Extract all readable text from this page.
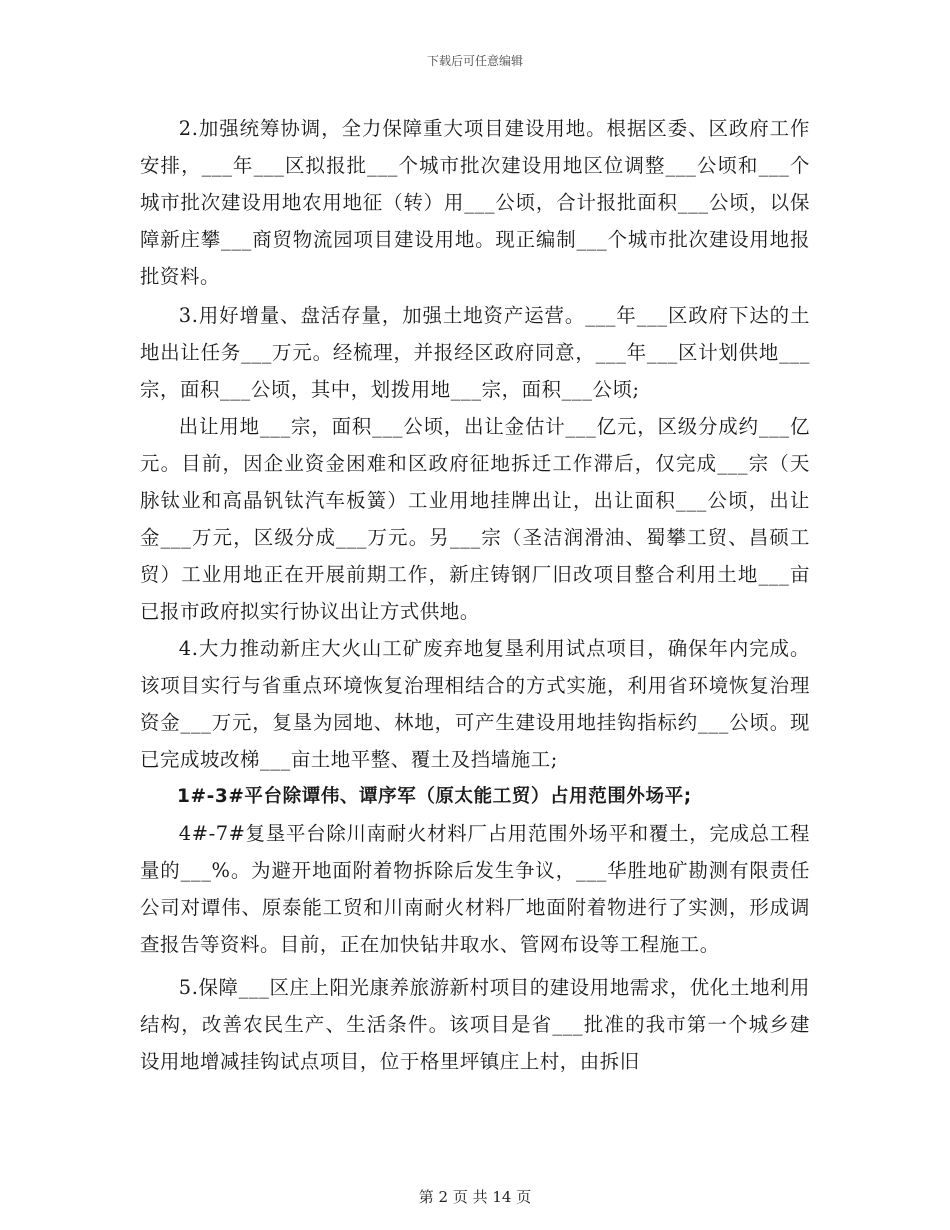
下载后可任意编辑

2.加强统筹协调，全力保障重大项目建设用地。根据区委、区政府工作安排，___年___区拟报批___个城市批次建设用地区位调整___公顷和___个城市批次建设用地农用地征（转）用___公顷，合计报批面积___公顷，以保障新庄攀___商贸物流园项目建设用地。现正编制___个城市批次建设用地报批资料。

3.用好增量、盘活存量，加强土地资产运营。___年___区政府下达的土地出让任务___万元。经梳理，并报经区政府同意，___年___区计划供地___宗，面积___公顷，其中，划拨用地___宗，面积___公顷;

出让用地___宗，面积___公顷，出让金估计___亿元，区级分成约___亿元。目前，因企业资金困难和区政府征地拆迁工作滞后，仅完成___宗（天脉钛业和高晶钒钛汽车板簧）工业用地挂牌出让，出让面积___公顷，出让金___万元，区级分成___万元。另___宗（圣洁润滑油、蜀攀工贸、昌硕工贸）工业用地正在开展前期工作，新庄铸钢厂旧改项目整合利用土地___亩已报市政府拟实行协议出让方式供地。

4.大力推动新庄大火山工矿废弃地复垦利用试点项目，确保年内完成。该项目实行与省重点环境恢复治理相结合的方式实施，利用省环境恢复治理资金___万元，复垦为园地、林地，可产生建设用地挂钩指标约___公顷。现已完成坡改梯___亩土地平整、覆土及挡墙施工;

1#-3#平台除谭伟、谭序军（原太能工贸）占用范围外场平;

4#-7#复垦平台除川南耐火材料厂占用范围外场平和覆土，完成总工程量的___%。为避开地面附着物拆除后发生争议，___华胜地矿勘测有限责任公司对谭伟、原泰能工贸和川南耐火材料厂地面附着物进行了实测，形成调查报告等资料。目前，正在加快钻井取水、管网布设等工程施工。

5.保障___区庄上阳光康养旅游新村项目的建设用地需求，优化土地利用结构，改善农民生产、生活条件。该项目是省___批准的我市第一个城乡建设用地增减挂钩试点项目，位于格里坪镇庄上村，由拆旧

第 2 页 共 14 页
